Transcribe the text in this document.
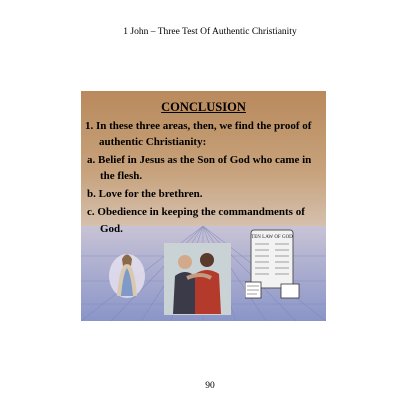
1 John – Three Test Of Authentic Christianity
CONCLUSION
1. In these three areas, then, we find the proof of
authentic Christianity:
a. Belief in Jesus as the Son of God who came in
the flesh.
b. Love for the brethren.
c. Obedience in keeping the commandments of
God.
TEN LAW OF GOD
90
